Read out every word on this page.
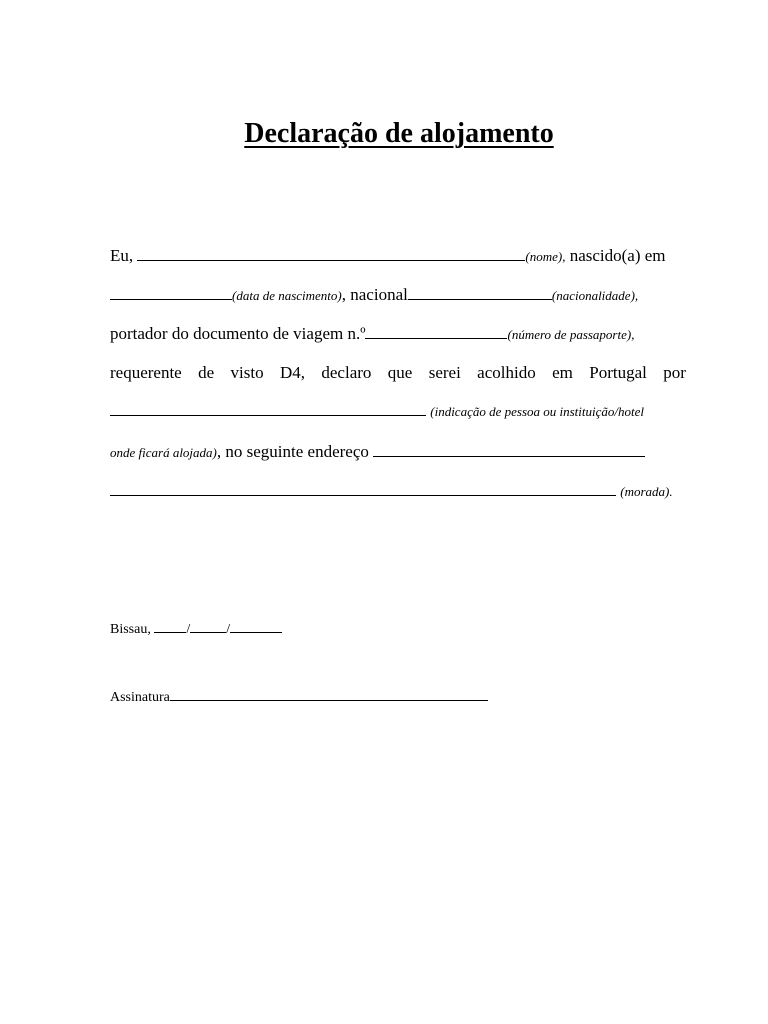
Declaração de alojamento
Eu,	(nome), nascido(a) em
(data de nascimento), nacional	(nacionalidade),
portador do documento de viagem n.º	(número de passaporte),
requerente de visto D4, declaro que serei acolhido em Portugal por
(indicação de pessoa ou instituição/hotel
onde ficará alojada), no seguinte endereço
(morada).
Bissau, /	/
Assinatura
